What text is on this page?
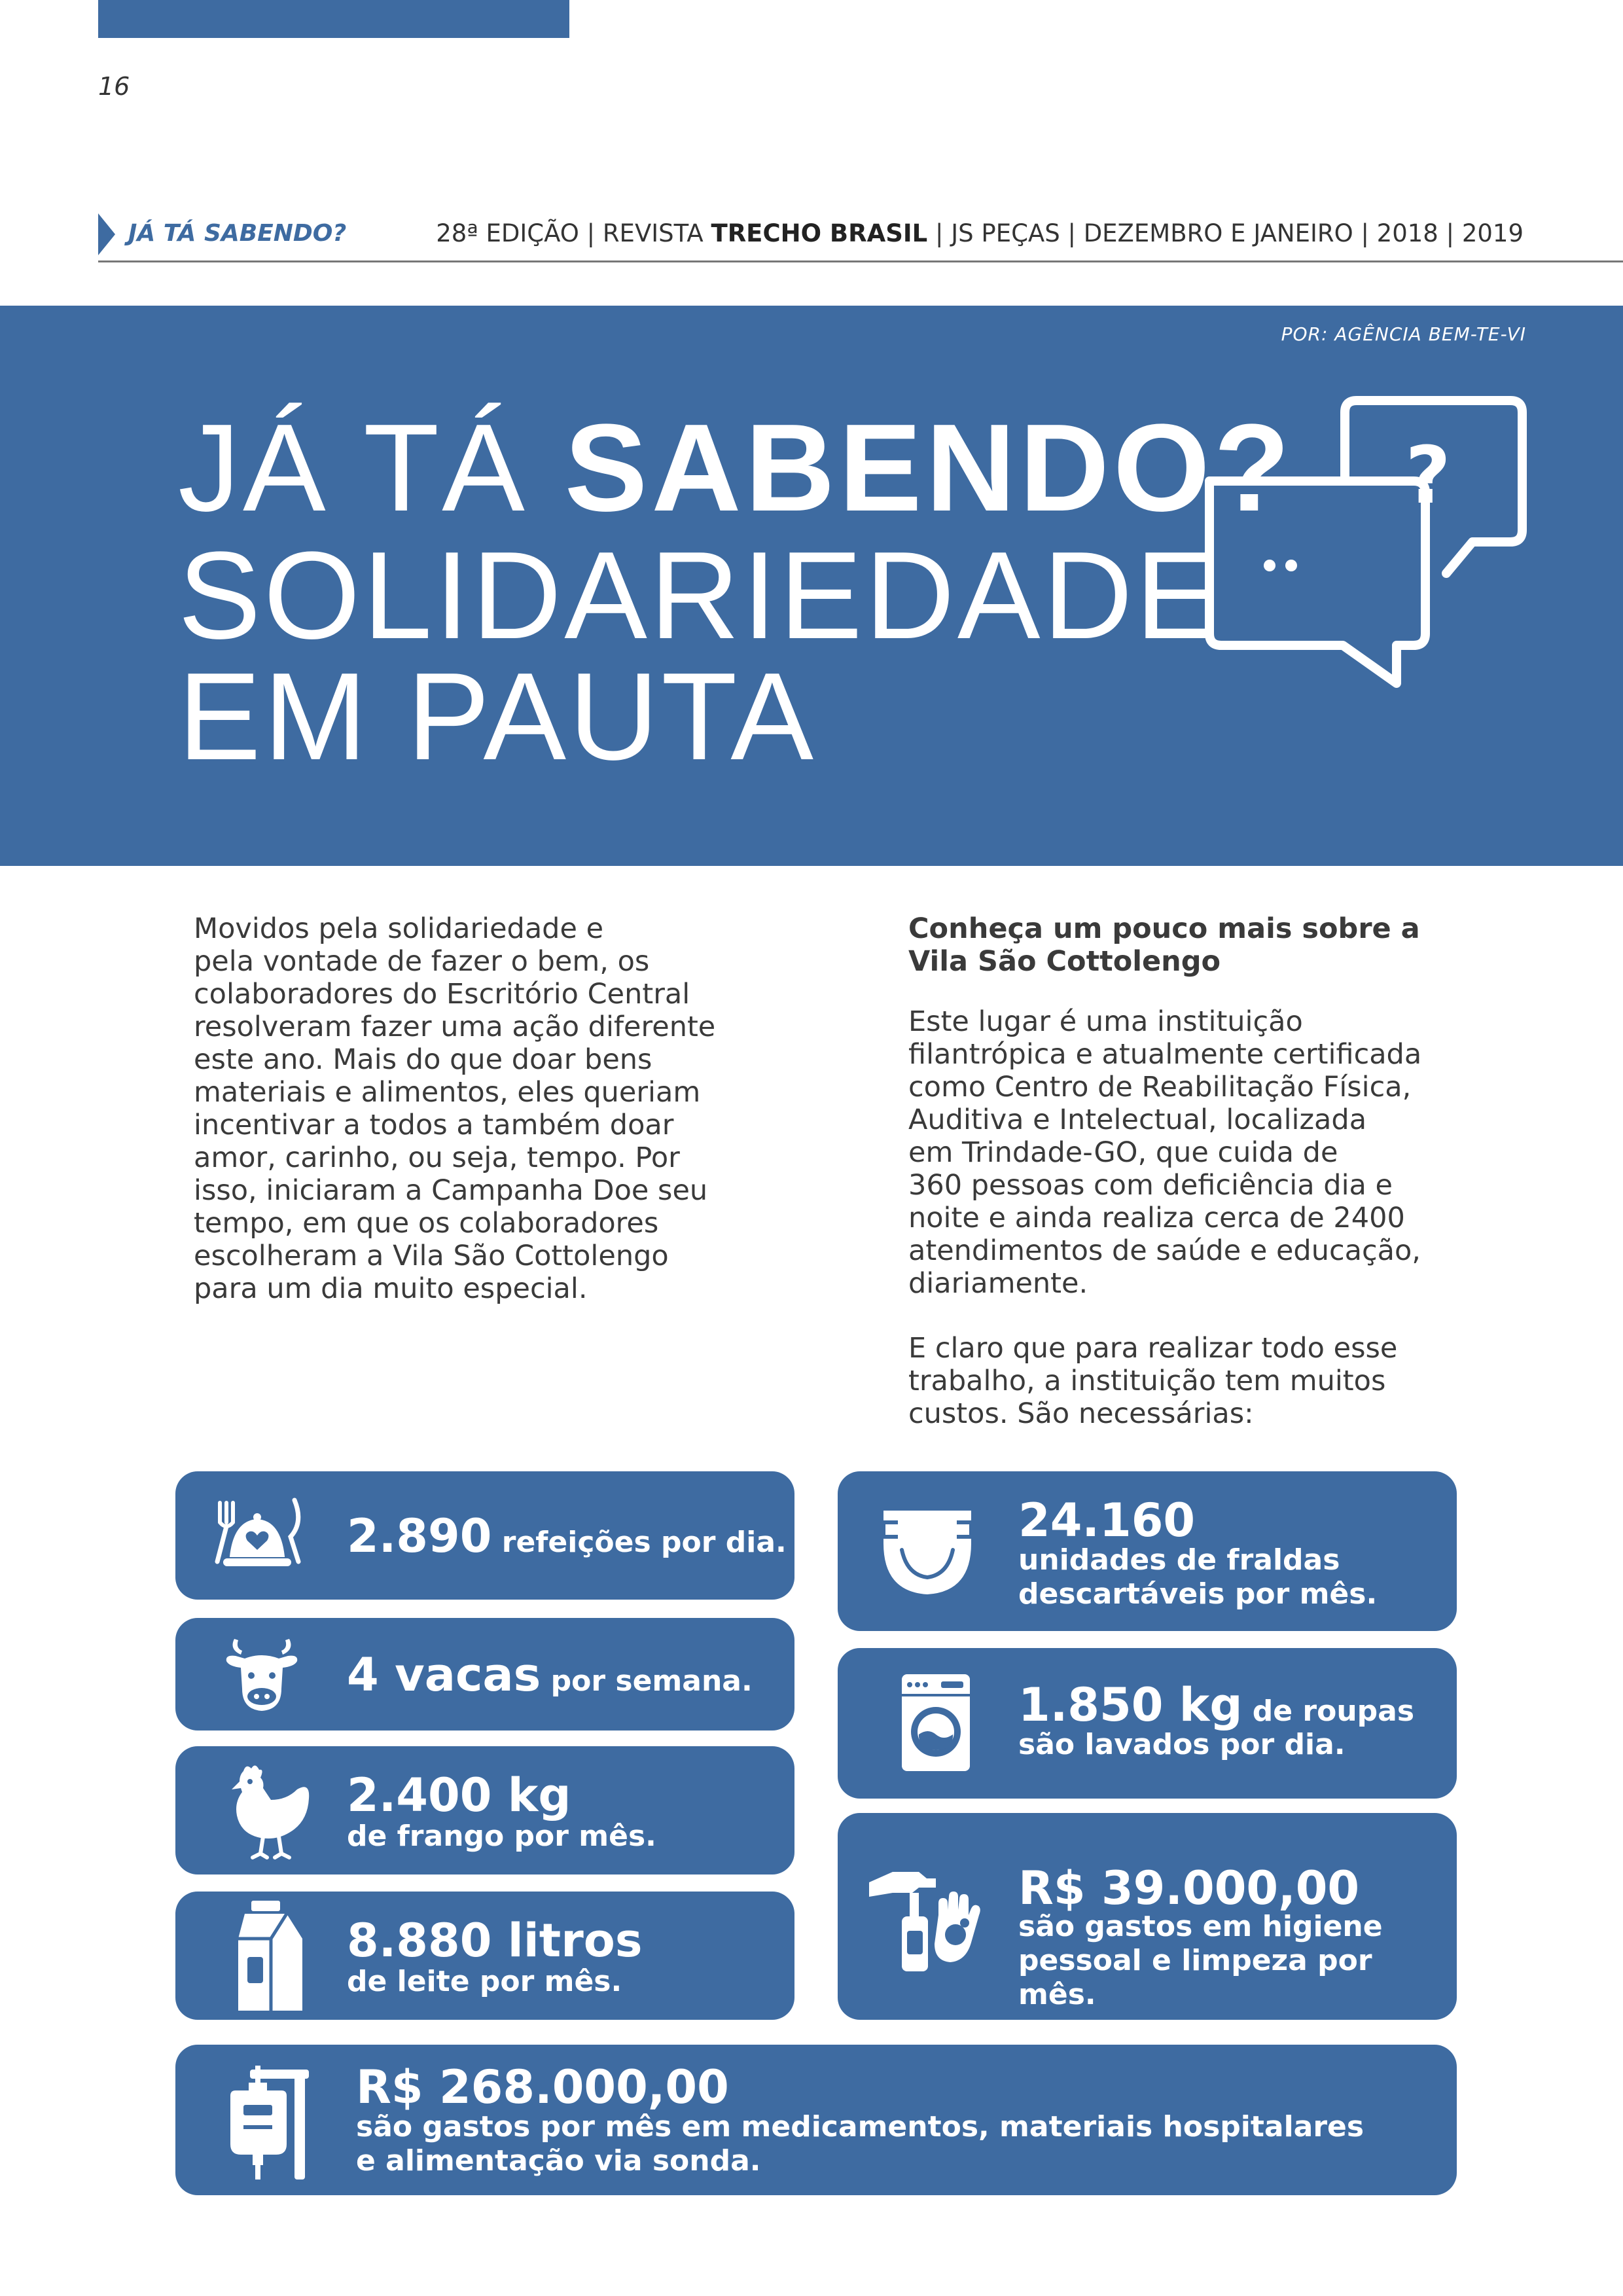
16
JÁ TÁ SABENDO?	28ª EDIÇÃO | REVISTA TRECHO BRASIL | JS PEÇAS | DEZEMBRO E JANEIRO | 2018 | 2019
POR: AGÊNCIA BEM-TE-VI
JÁ TÁ SABENDO?
SOLIDARIEDADE
EM PAUTA
?
Movidos pela solidariedade e
pela vontade de fazer o bem, os
colaboradores do Escritório Central
resolveram fazer uma ação diferente
este ano. Mais do que doar bens
materiais e alimentos, eles queriam
incentivar a todos a também doar
amor, carinho, ou seja, tempo. Por
isso, iniciaram a Campanha Doe seu
tempo, em que os colaboradores
escolheram a Vila São Cottolengo
para um dia muito especial.
Conheça um pouco mais sobre a
Vila São Cottolengo
Este lugar é uma instituição
filantrópica e atualmente certificada
como Centro de Reabilitação Física,
Auditiva e Intelectual, localizada
em Trindade-GO, que cuida de
360 pessoas com deficiência dia e
noite e ainda realiza cerca de 2400
atendimentos de saúde e educação,
diariamente.
E claro que para realizar todo esse
trabalho, a instituição tem muitos
custos. São necessárias:
2.890 refeições por dia.
4 vacas por semana.
2.400 kg
de frango por mês.
8.880 litros
de leite por mês.
24.160
unidades de fraldas
descartáveis por mês.
1.850 kg de roupas
são lavados por dia.
R$ 39.000,00
são gastos em higiene
pessoal e limpeza por mês.
R$ 268.000,00
são gastos por mês em medicamentos, materiais hospitalares
e alimentação via sonda.
